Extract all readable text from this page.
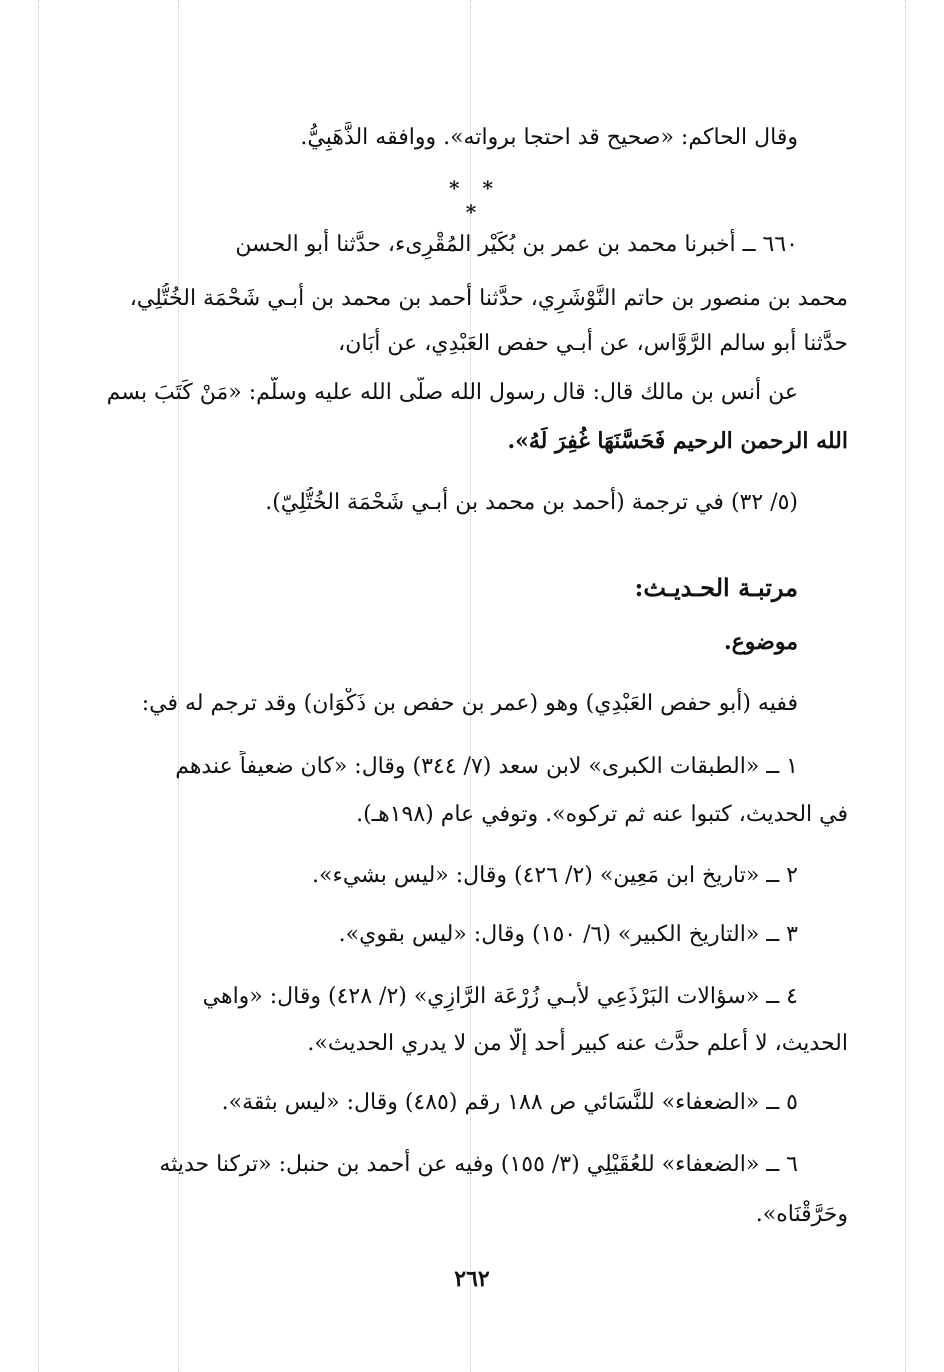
وقال الحاكم: «صحيح قد احتجا برواته». ووافقه الذَّهَبِيُّ.
* * *
٦٦٠ ــ أخبرنا محمد بن عمر بن بُكَيْر المُقْرِىء، حدَّثنا أبو الحسن
محمد بن منصور بن حاتم النَّوْشَرِي، حدَّثنا أحمد بن محمد بن أبـي شَحْمَة الخُتُّلِي،
حدَّثنا أبو سالم الرَّوَّاس، عن أبـي حفص العَبْدِي، عن أَبَان،
عن أنس بن مالك قال: قال رسول الله صلَّى الله عليه وسلَّم: «مَنْ كَتَبَ بسم
الله الرحمن الرحيم فَحَسَّنَهَا غُفِرَ لَهُ».
(٥/ ٣٢) في ترجمة (أحمد بن محمد بن أبـي شَحْمَة الخُتُّلِيّ).
مرتبـة الحـديـث:
موضوع.
ففيه (أبو حفص العَبْدِي) وهو (عمر بن حفص بن ذَكْوَان) وقد ترجم له في:
١ ــ «الطبقات الكبرى» لابن سعد (٧/ ٣٤٤) وقال: «كان ضعيفاً عندهم
في الحديث، كتبوا عنه ثم تركوه». وتوفي عام (١٩٨هـ).
٢ ــ «تاريخ ابن مَعِين» (٢/ ٤٢٦) وقال: «ليس بشيء».
٣ ــ «التاريخ الكبير» (٦/ ١٥٠) وقال: «ليس بقوي».
٤ ــ «سؤالات البَرْذَعِي لأبـي زُرْعَة الرَّازِي» (٢/ ٤٢٨) وقال: «واهي
الحديث، لا أعلم حدَّث عنه كبير أحد إلَّا من لا يدري الحديث».
٥ ــ «الضعفاء» للنَّسَائي ص ١٨٨ رقم (٤٨٥) وقال: «ليس بثقة».
٦ ــ «الضعفاء» للعُقَيْلِي (٣/ ١٥٥) وفيه عن أحمد بن حنبل: «تركنا حديثه
وحَرَّقْنَاه».
٢٦٢
